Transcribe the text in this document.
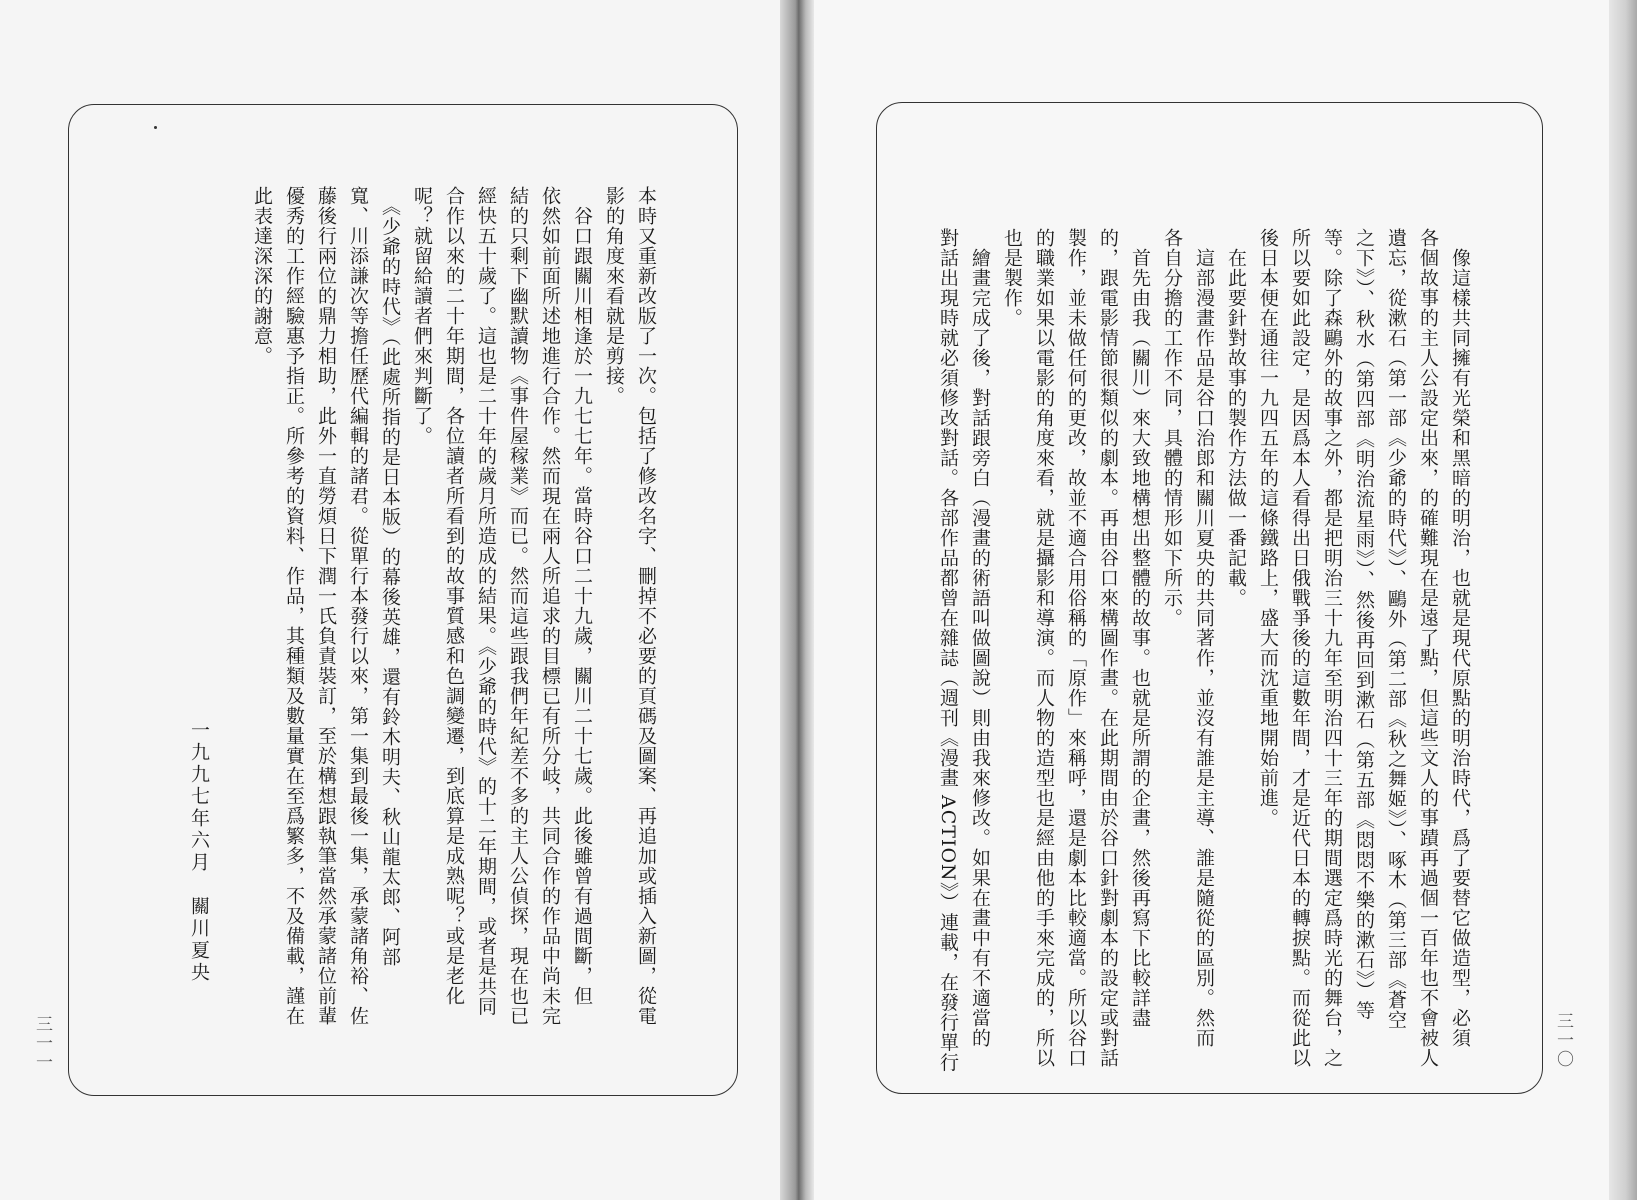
本時又重新改版了一次。包括了修改名字、刪掉不必要的頁碼及圖案、再追加或插入新圖，從電

影的角度來看就是剪接。

　谷口跟關川相逢於一九七七年。當時谷口二十九歲，關川二十七歲。此後雖曾有過間斷，但

依然如前面所述地進行合作。然而現在兩人所追求的目標已有所分岐，共同合作的作品中尚未完

結的只剩下幽默讀物《事件屋稼業》而已。然而這些跟我們年紀差不多的主人公偵探，現在也已

經快五十歲了。這也是二十年的歲月所造成的結果。《少爺的時代》的十二年期間，或者是共同

合作以來的二十年期間，各位讀者所看到的故事質感和色調變遷，到底算是成熟呢？或是老化

呢？就留給讀者們來判斷了。

　《少爺的時代》（此處所指的是日本版）的幕後英雄，還有鈴木明夫、秋山龍太郎、阿部

寬、川添謙次等擔任歷代編輯的諸君。從單行本發行以來，第一集到最後一集，承蒙諸角裕、佐

藤後行兩位的鼎力相助，此外一直勞煩日下潤一氏負責裝訂，至於構想跟執筆當然承蒙諸位前輩

優秀的工作經驗惠予指正。所參考的資料、作品，其種類及數量實在至爲繁多，不及備載，謹在

此表達深深的謝意。

一九九七年六月　關川夏央	　像這樣共同擁有光榮和黑暗的明治，也就是現代原點的明治時代，爲了要替它做造型，必須

各個故事的主人公設定出來，的確難現在是遠了點，但這些文人的事蹟再過個一百年也不會被人

遺忘，從漱石（第一部《少爺的時代》）、鷗外（第二部《秋之舞姬》）、啄木（第三部《蒼空

之下》）、秋水（第四部《明治流星雨》）、然後再回到漱石（第五部《悶悶不樂的漱石》）等

等。除了森鷗外的故事之外，都是把明治三十九年至明治四十三年的期間選定爲時光的舞台，之

所以要如此設定，是因爲本人看得出日俄戰爭後的這數年間，才是近代日本的轉捩點。而從此以

後日本便在通往一九四五年的這條鐵路上，盛大而沈重地開始前進。

　在此要針對故事的製作方法做一番記載。

　這部漫畫作品是谷口治郎和關川夏央的共同著作，並沒有誰是主導、誰是隨從的區別。然而

各自分擔的工作不同，具體的情形如下所示。

　首先由我（關川）來大致地構想出整體的故事。也就是所謂的企畫，然後再寫下比較詳盡

的，跟電影情節很類似的劇本。再由谷口來構圖作畫。在此期間由於谷口針對劇本的設定或對話

製作，並未做任何的更改，故並不適合用俗稱的「原作」來稱呼，還是劇本比較適當。所以谷口

的職業如果以電影的角度來看，就是攝影和導演。而人物的造型也是經由他的手來完成的，所以

也是製作。

　繪畫完成了後，對話跟旁白（漫畫的術語叫做圖說）則由我來修改。如果在畫中有不適當的

對話出現時就必須修改對話。各部作品都曾在雜誌（週刊《漫畫 ACTION》）連載，在發行單行

三一一	三一〇
